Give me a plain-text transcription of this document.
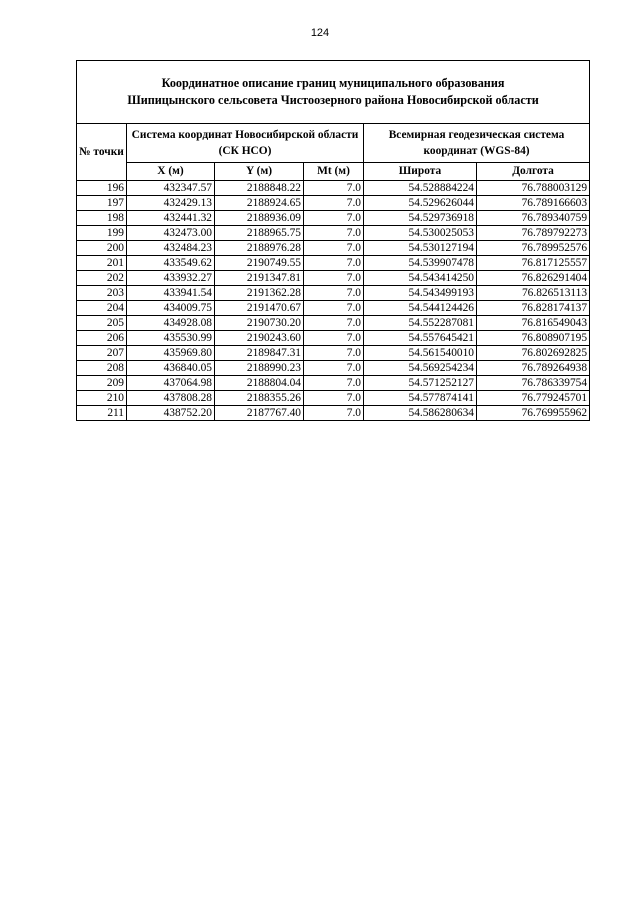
124
Координатное описание границ муниципального образования
Шипицынского сельсовета Чистоозерного района Новосибирской области					
№ точки	Система координат Новосибирской области (СК НСО)			Всемирная геодезическая система координат (WGS-84)	
	X (м)	Y (м)	Mt (м)	Широта	Долгота
196	432347.57	2188848.22	7.0	54.528884224	76.788003129
197	432429.13	2188924.65	7.0	54.529626044	76.789166603
198	432441.32	2188936.09	7.0	54.529736918	76.789340759
199	432473.00	2188965.75	7.0	54.530025053	76.789792273
200	432484.23	2188976.28	7.0	54.530127194	76.789952576
201	433549.62	2190749.55	7.0	54.539907478	76.817125557
202	433932.27	2191347.81	7.0	54.543414250	76.826291404
203	433941.54	2191362.28	7.0	54.543499193	76.826513113
204	434009.75	2191470.67	7.0	54.544124426	76.828174137
205	434928.08	2190730.20	7.0	54.552287081	76.816549043
206	435530.99	2190243.60	7.0	54.557645421	76.808907195
207	435969.80	2189847.31	7.0	54.561540010	76.802692825
208	436840.05	2188990.23	7.0	54.569254234	76.789264938
209	437064.98	2188804.04	7.0	54.571252127	76.786339754
210	437808.28	2188355.26	7.0	54.577874141	76.779245701
211	438752.20	2187767.40	7.0	54.586280634	76.769955962
